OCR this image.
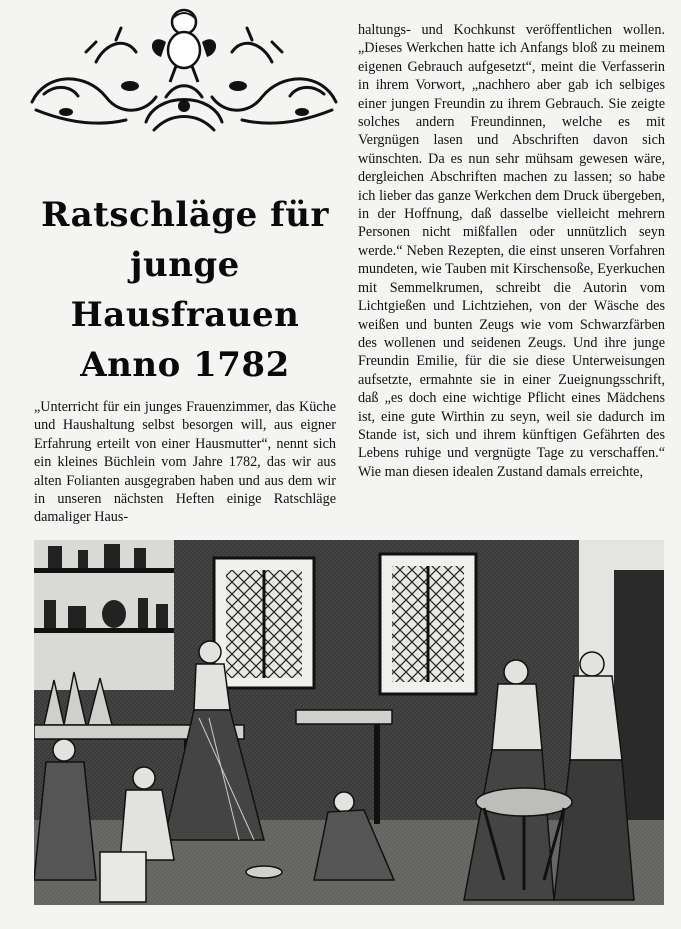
Ratschläge für
junge Hausfrauen
Anno 1782
„Unterricht für ein junges Frauenzimmer, das Küche und Haushaltung selbst besorgen will, aus eigner Erfahrung erteilt von einer Hausmutter“, nennt sich ein kleines Büchlein vom Jahre 1782, das wir aus alten Folianten ausgegraben haben und aus dem wir in unseren nächsten Heften einige Ratschläge damaliger Haus-
haltungs- und Kochkunst veröffentlichen wollen. „Dieses Werkchen hatte ich Anfangs bloß zu meinem eigenen Gebrauch aufgesetzt“, meint die Verfasserin in ihrem Vorwort, „nachhero aber gab ich selbiges einer jungen Freundin zu ihrem Gebrauch. Sie zeigte solches andern Freundinnen, welche es mit Vergnügen lasen und Abschriften davon sich wünschten. Da es nun sehr mühsam gewesen wäre, dergleichen Abschriften machen zu lassen; so habe ich lieber das ganze Werkchen dem Druck übergeben, in der Hoffnung, daß dasselbe vielleicht mehrern Personen nicht mißfallen oder unnützlich seyn werde.“ Neben Rezepten, die einst unseren Vorfahren mundeten, wie Tauben mit Kirschensoße, Eyerkuchen mit Semmelkrumen, schreibt die Autorin vom Lichtgießen und Lichtziehen, von der Wäsche des weißen und bunten Zeugs wie vom Schwarzfärben des wollenen und seidenen Zeugs. Und ihre junge Freundin Emilie, für die sie diese Unterweisungen aufsetzte, ermahnte sie in einer Zueignungsschrift, daß „es doch eine wichtige Pflicht eines Mädchens ist, eine gute Wirthin zu seyn, weil sie dadurch im Stande ist, sich und ihrem künftigen Gefährten des Lebens ruhige und vergnügte Tage zu verschaffen.“ Wie man diesen idealen Zustand damals erreichte,
